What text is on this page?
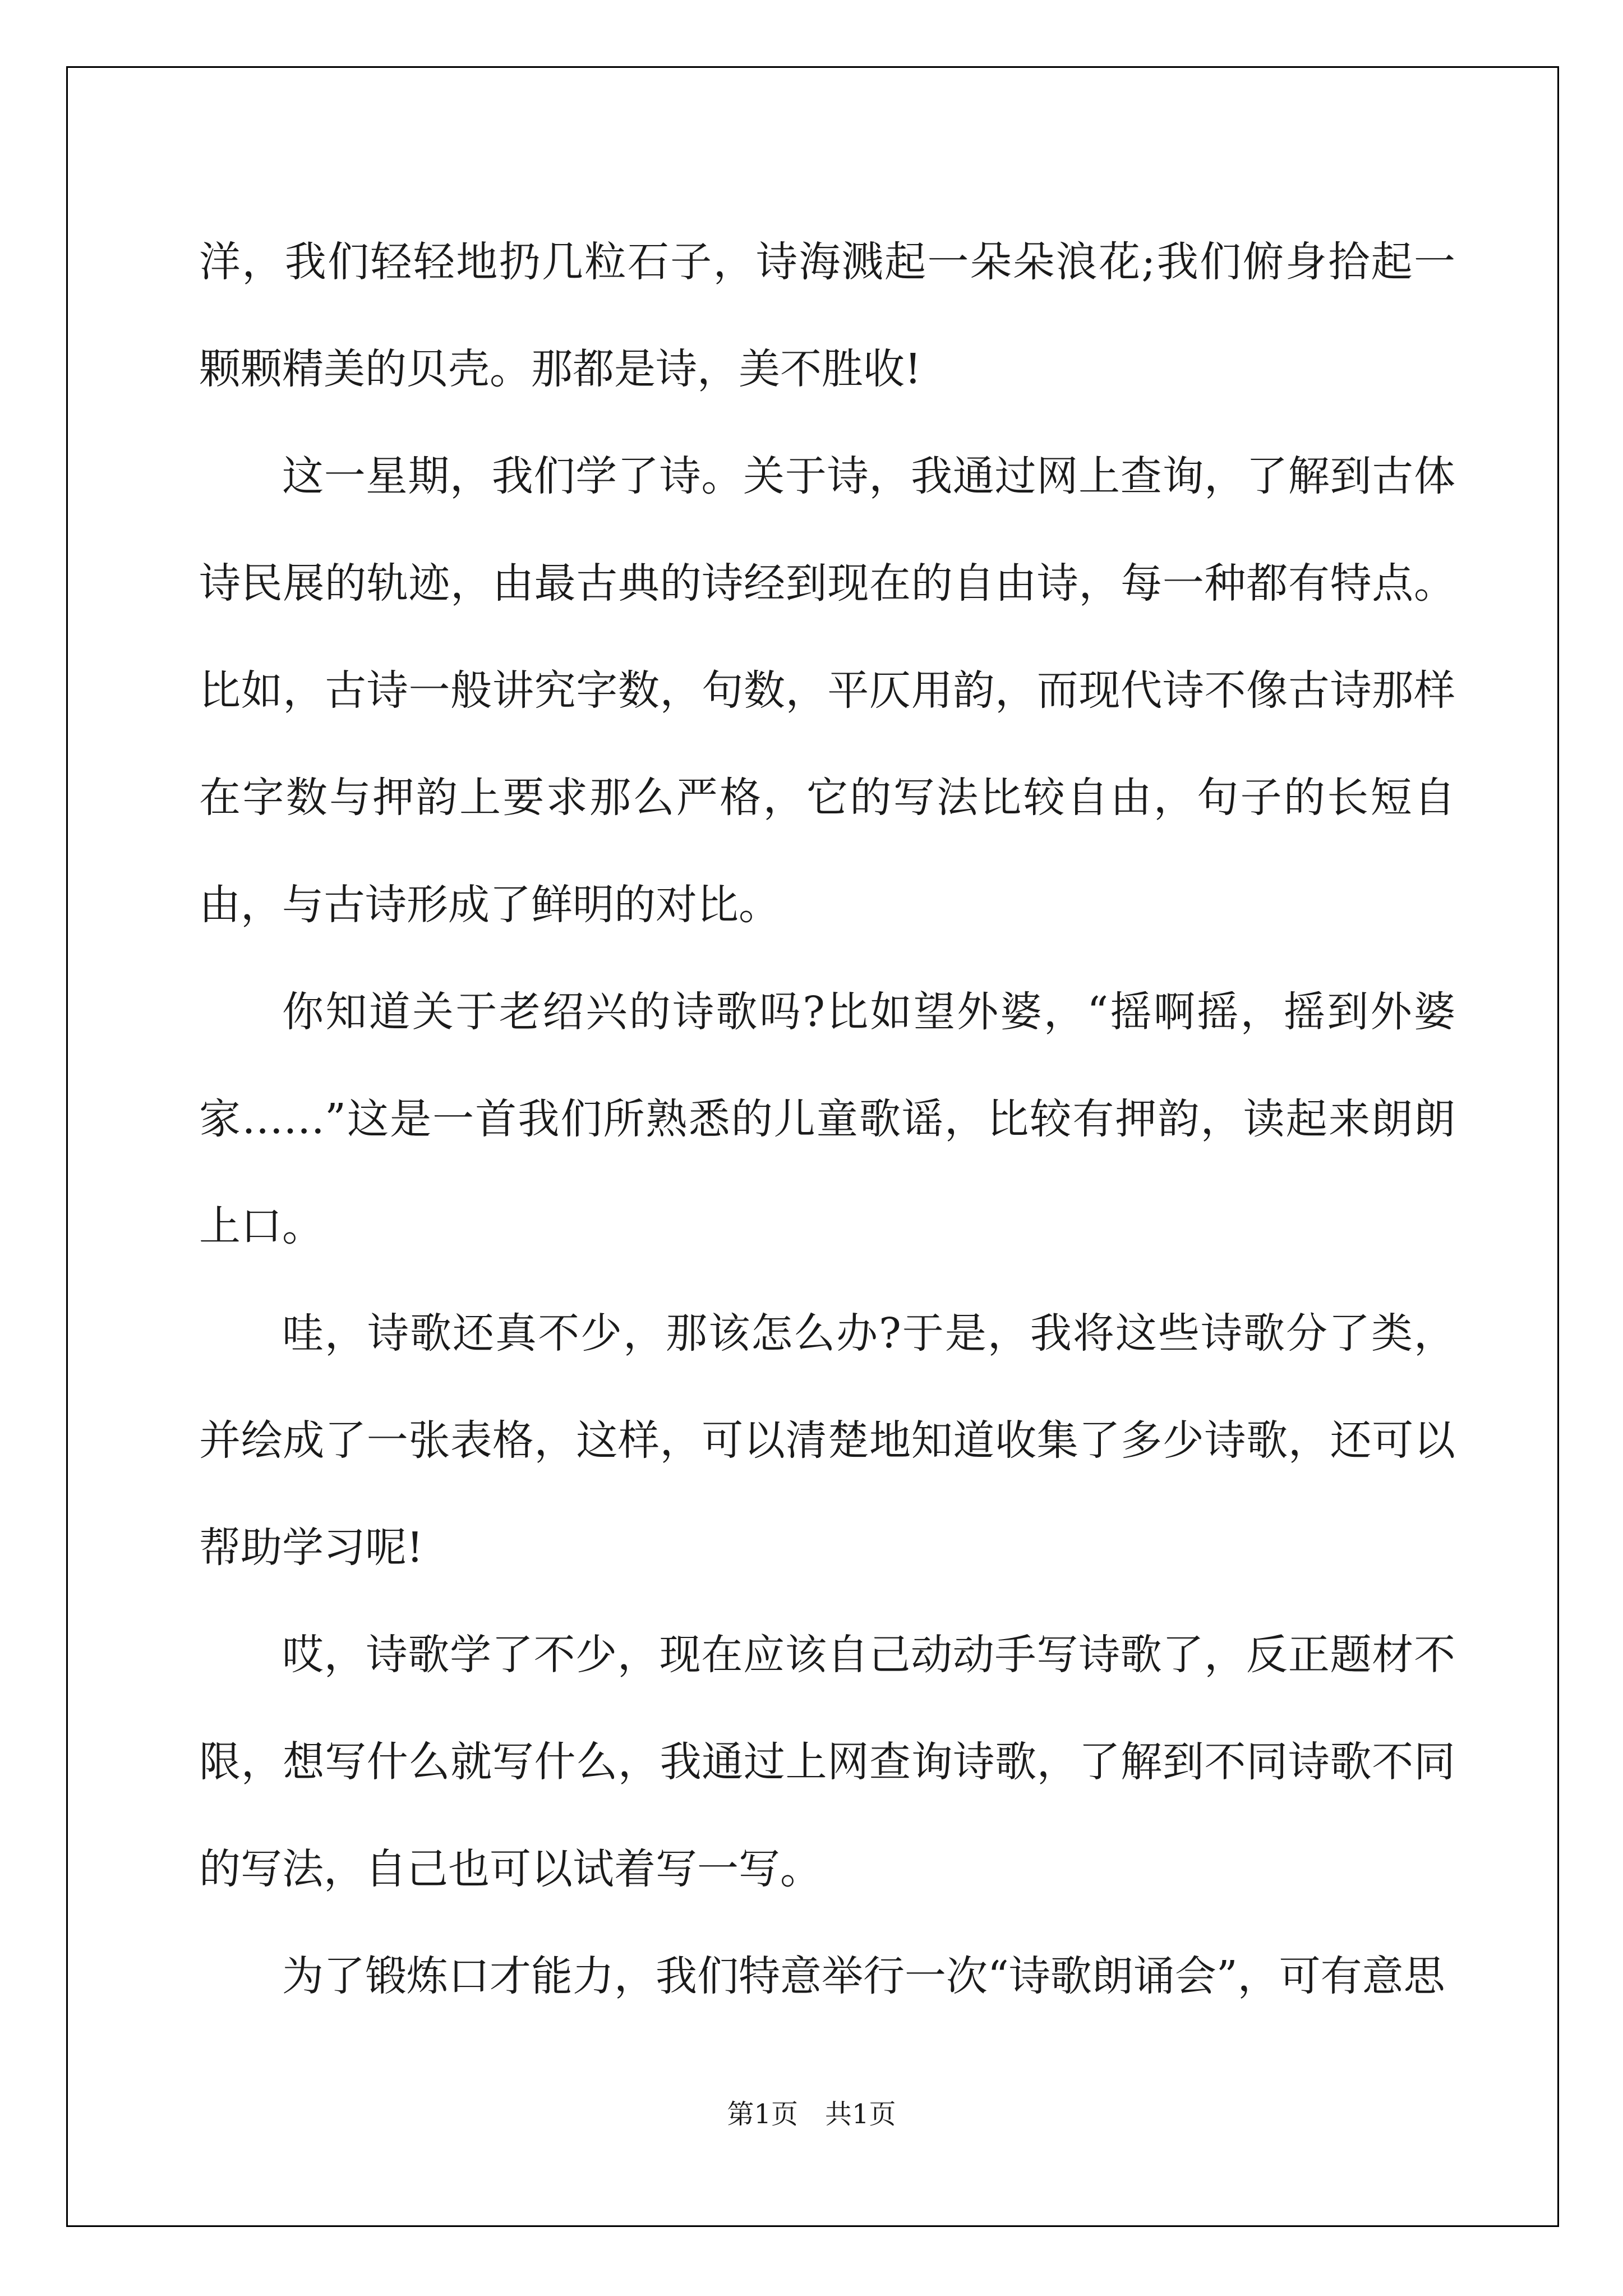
洋，我们轻轻地扔几粒石子，诗海溅起一朵朵浪花;我们俯身拾起一颗颗精美的贝壳。那都是诗，美不胜收!

这一星期，我们学了诗。关于诗，我通过网上查询，了解到古体诗民展的轨迹，由最古典的诗经到现在的自由诗，每一种都有特点。比如，古诗一般讲究字数，句数，平仄用韵，而现代诗不像古诗那样在字数与押韵上要求那么严格，它的写法比较自由，句子的长短自由，与古诗形成了鲜明的对比。

你知道关于老绍兴的诗歌吗?比如望外婆，“摇啊摇，摇到外婆家……”这是一首我们所熟悉的儿童歌谣，比较有押韵，读起来朗朗上口。

哇，诗歌还真不少，那该怎么办?于是，我将这些诗歌分了类，并绘成了一张表格，这样，可以清楚地知道收集了多少诗歌，还可以帮助学习呢!

哎，诗歌学了不少，现在应该自己动动手写诗歌了，反正题材不限，想写什么就写什么，我通过上网查询诗歌，了解到不同诗歌不同的写法，自己也可以试着写一写。

为了锻炼口才能力，我们特意举行一次“诗歌朗诵会”，可有意思

第1页　共1页
